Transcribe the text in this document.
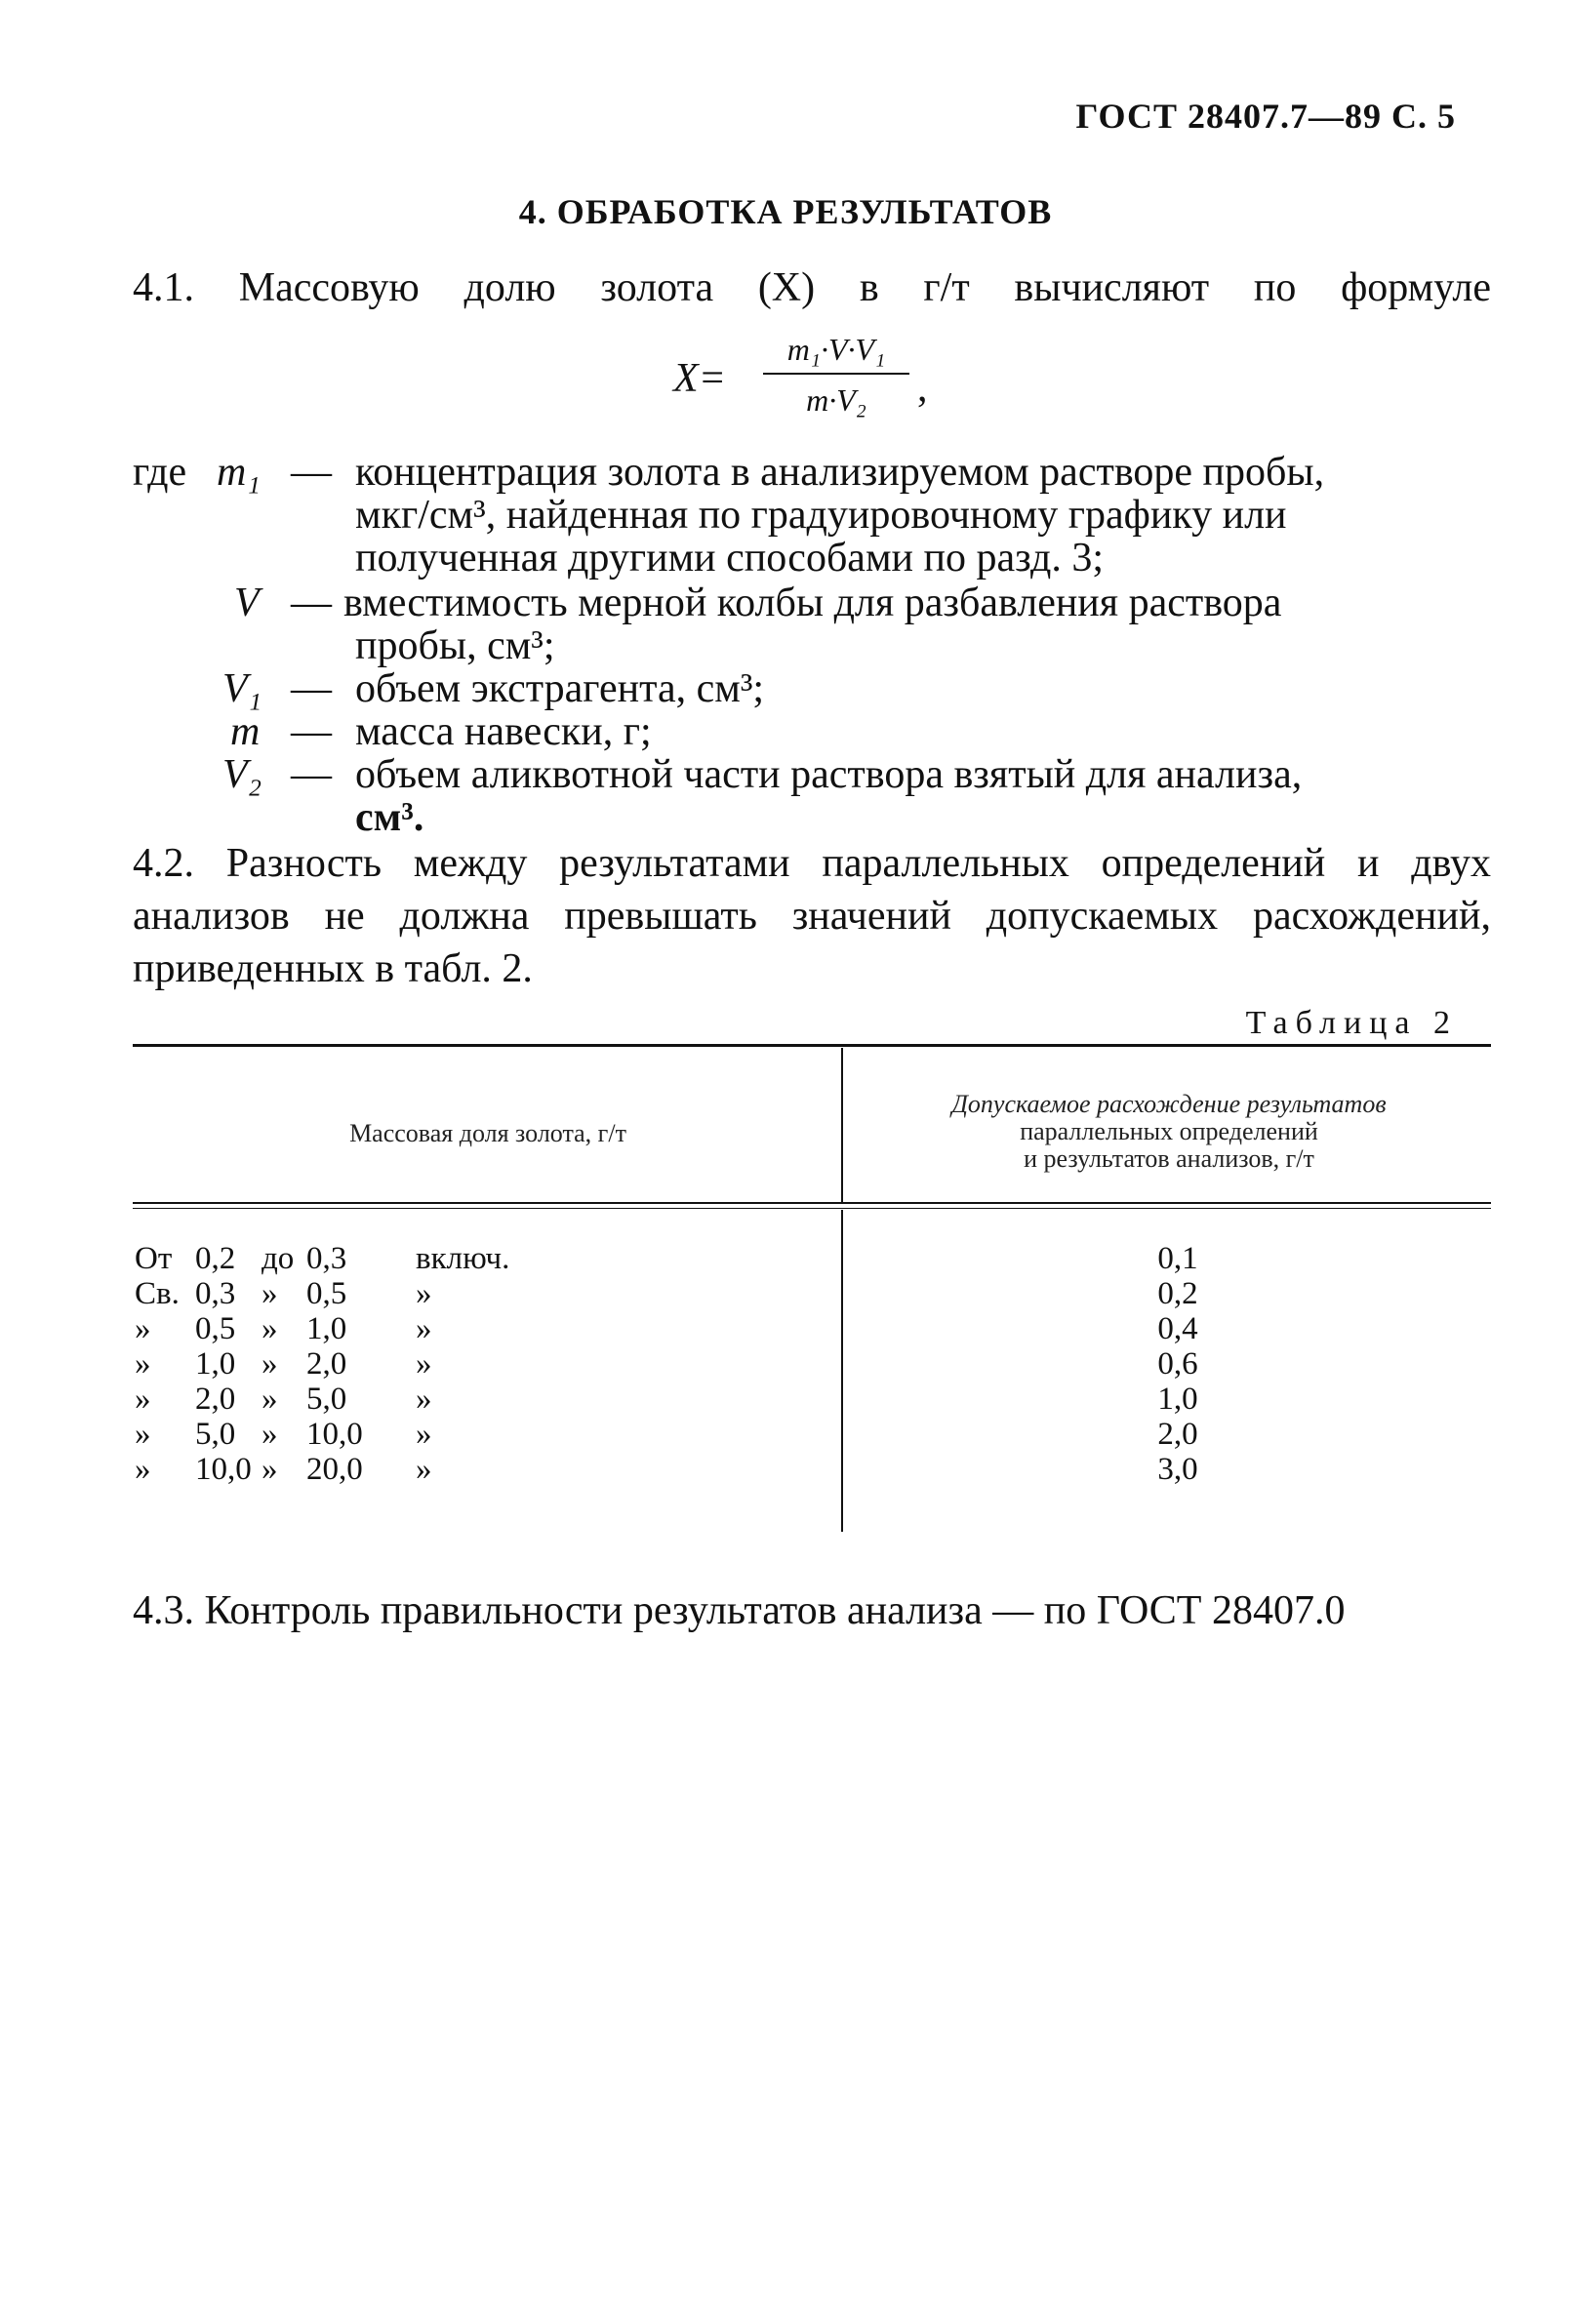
ГОСТ 28407.7—89 С. 5
4. ОБРАБОТКА РЕЗУЛЬТАТОВ
4.1. Массовую долю золота (X) в г/т вычисляют по формуле
X=
m₁·V·V₁
m·V₂	,
где m₁ — концентрация золота в анализируемом растворе пробы,
мкг/см³, найденная по градуировочному графику или
полученная другими способами по разд. 3;
V — вместимость мерной колбы для разбавления раствора
пробы, см³;
V₁ — объем экстрагента, см³;
m — масса навески, г;
V₂ — объем аликвотной части раствора взятый для анализа,
см³.
4.2. Разность между результатами параллельных определений и двух анализов не должна превышать значений допускаемых расхождений, приведенных в табл. 2.
Таблица 2
Массовая доля золота, г/т
Допускаемое расхождение результатов
параллельных определений
и результатов анализов, г/т
От 0,2 до 0,3 включ.	0,1
Св. 0,3 » 0,5 »	0,2
» 0,5 » 1,0 »	0,4
» 1,0 » 2,0 »	0,6
» 2,0 » 5,0 »	1,0
» 5,0 » 10,0 »	2,0
» 10,0 » 20,0 »	3,0
4.3. Контроль правильности результатов анализа — по ГОСТ 28407.0
